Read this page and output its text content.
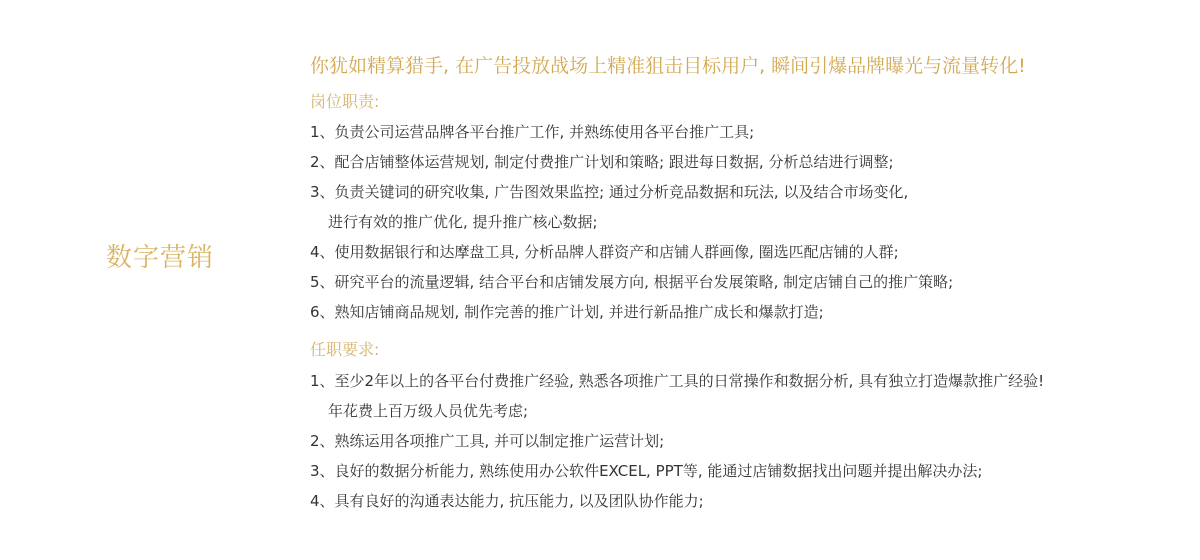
数字营销
你犹如精算猎手, 在广告投放战场上精准狙击目标用户, 瞬间引爆品牌曝光与流量转化!
岗位职责:
1、负责公司运营品牌各平台推广工作, 并熟练使用各平台推广工具;
2、配合店铺整体运营规划, 制定付费推广计划和策略; 跟进每日数据, 分析总结进行调整;
3、负责关键词的研究收集, 广告图效果监控; 通过分析竞品数据和玩法, 以及结合市场变化,
进行有效的推广优化, 提升推广核心数据;
4、使用数据银行和达摩盘工具, 分析品牌人群资产和店铺人群画像, 圈选匹配店铺的人群;
5、研究平台的流量逻辑, 结合平台和店铺发展方向, 根据平台发展策略, 制定店铺自己的推广策略;
6、熟知店铺商品规划, 制作完善的推广计划, 并进行新品推广成长和爆款打造;
任职要求:
1、至少2年以上的各平台付费推广经验, 熟悉各项推广工具的日常操作和数据分析, 具有独立打造爆款推广经验!
年花费上百万级人员优先考虑;
2、熟练运用各项推广工具, 并可以制定推广运营计划;
3、良好的数据分析能力, 熟练使用办公软件EXCEL, PPT等, 能通过店铺数据找出问题并提出解决办法;
4、具有良好的沟通表达能力, 抗压能力, 以及团队协作能力;
